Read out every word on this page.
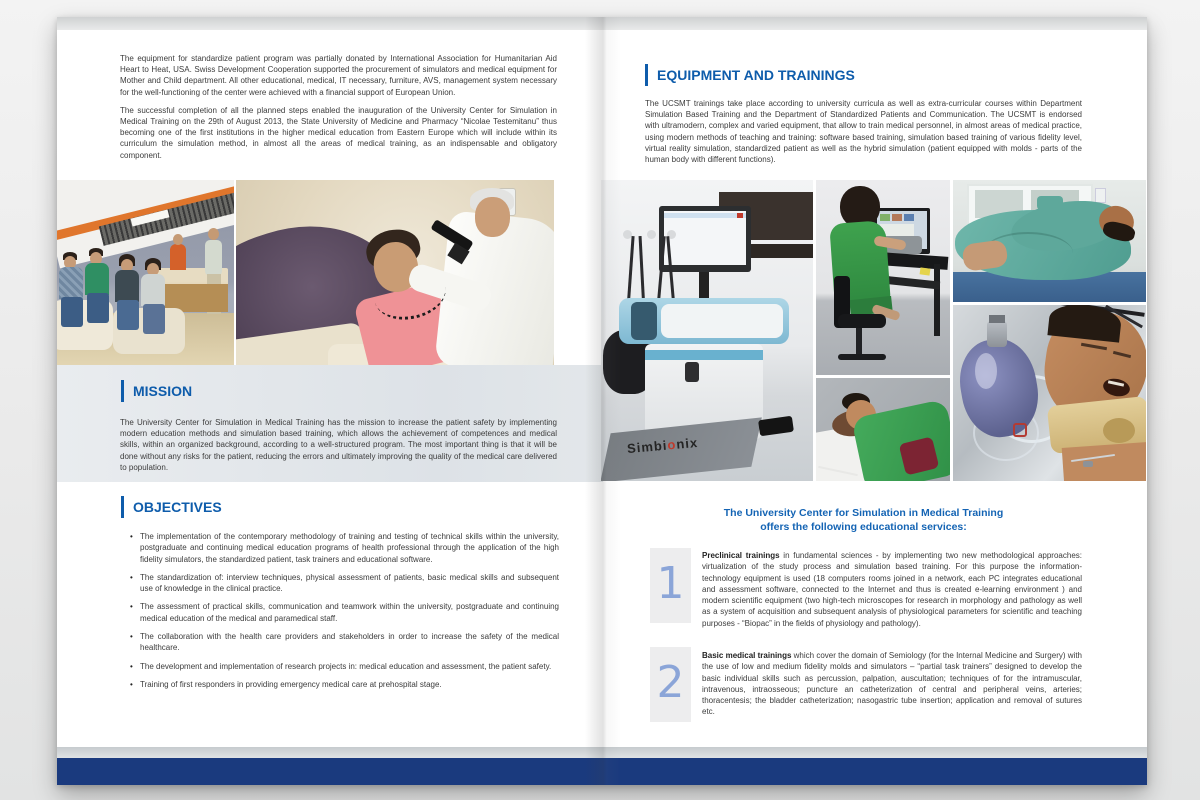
The equipment for standardize patient program was partially donated by International Association for Humanitarian Aid Heart to Heat, USA. Swiss Development Cooperation supported the procurement of simulators and medical equipment for Mother and Child department. All other educational, medical, IT necessary, furniture, AVS, management system necessary for the well-functioning of the center were achieved with a financial support of European Union.

The successful completion of all the planned steps enabled the inauguration of the University Center for Simulation in Medical Training on the 29th of August 2013, the State University of Medicine and Pharmacy “Nicolae Testemitanu” thus becoming one of the first institutions in the higher medical education from Eastern Europe which will include within its curriculum the simulation method, in almost all the areas of medical training, as an indispensable and obligatory component.

MISSION

The University Center for Simulation in Medical Training has the mission to increase the patient safety by implementing modern education methods and simulation based training, which allows the achievement of competences and medical skills, within an organized background, according to a well-structured program. The most important thing is that it will be done without any risks for the patient, reducing the errors and ultimately improving the quality of the medical care delivered to population.

OBJECTIVES
• The implementation of the contemporary methodology of training and testing of technical skills within the university, postgraduate and continuing medical education programs of health professional through the application of the high fidelity simulators, the standardized patient, task trainers and educational software.
• The standardization of: interview techniques, physical assessment of patients, basic medical skills and subsequent use of knowledge in the clinical practice.
• The assessment of practical skills, communication and teamwork within the university, postgraduate and continuing medical education of the medical and paramedical staff.
• The collaboration with the health care providers and stakeholders in order to increase the safety of the medical healthcare.
• The development and implementation of research projects in: medical education and assessment, the patient safety.
• Training of first responders in providing emergency medical care at prehospital stage.
EQUIPMENT AND TRAININGS

The UCSMT trainings take place according to university curricula as well as extra-curricular courses within Department Simulation Based Training and the Department of Standardized Patients and Communication. The UCSMT is endorsed with ultramodern, complex and varied equipment, that allow to train medical personnel, in almost areas of medical practice, using modern methods of teaching and training: software based training, simulation based training of various fidelity level, virtual reality simulation, standardized patient as well as the hybrid simulation (patient equipped with molds - parts of the human body with different functions).

Simbionix
The University Center for Simulation in Medical Training
offers the following educational services:
1
Preclinical trainings in fundamental sciences - by implementing two new methodological approaches: virtualization of the study process and simulation based training. For this purpose the information-technology equipment is used (18 computers rooms joined in a network, each PC integrates educational and assessment software, connected to the Internet and thus is created e-learning environment ) and modern scientific equipment (two high-tech microscopes for research in morphology and pathology as well as a system of acquisition and subsequent analysis of physiological parameters for scientific and teaching purposes - “Biopac” in the fields of physiology and pathology).
2
Basic medical trainings which cover the domain of Semiology (for the Internal Medicine and Surgery) with the use of low and medium fidelity molds and simulators – “partial task trainers” designed to develop the basic individual skills such as percussion, palpation, auscultation; techniques of for the intramuscular, intravenous, intraosseous; puncture an catheterization of central and peripheral veins, arteries; thoracentesis; the bladder catheterization; nasogastric tube insertion; application and removal of sutures etc.
